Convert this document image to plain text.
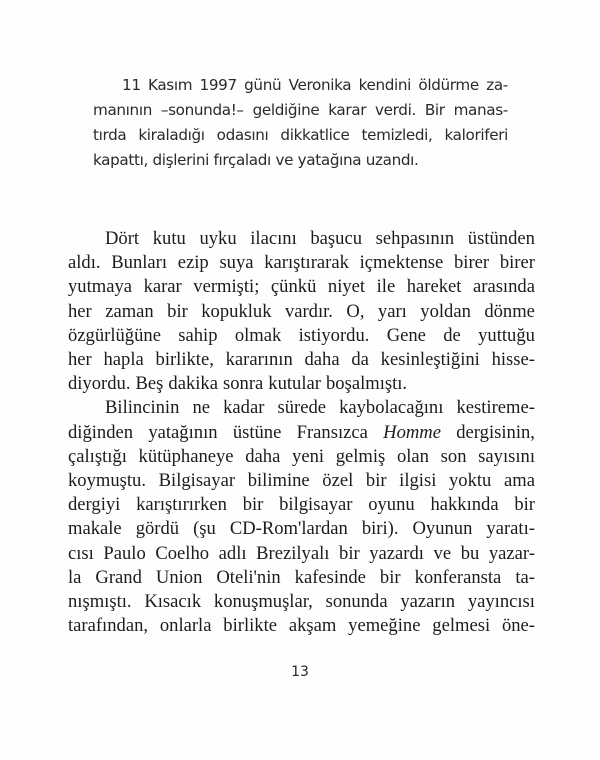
11 Kasım 1997 günü Veronika kendini öldürme za-
manının –sonunda!– geldiğine karar verdi. Bir manas-
tırda kiraladığı odasını dikkatlice temizledi, kaloriferi
kapattı, dişlerini fırçaladı ve yatağına uzandı.
Dört kutu uyku ilacını başucu sehpasının üstünden
aldı. Bunları ezip suya karıştırarak içmektense birer birer
yutmaya karar vermişti; çünkü niyet ile hareket arasında
her zaman bir kopukluk vardır. O, yarı yoldan dönme
özgürlüğüne sahip olmak istiyordu. Gene de yuttuğu
her hapla birlikte, kararının daha da kesinleştiğini hisse-
diyordu. Beş dakika sonra kutular boşalmıştı.
Bilincinin ne kadar sürede kaybolacağını kestireme-
diğinden yatağının üstüne Fransızca Homme dergisinin,
çalıştığı kütüphaneye daha yeni gelmiş olan son sayısını
koymuştu. Bilgisayar bilimine özel bir ilgisi yoktu ama
dergiyi karıştırırken bir bilgisayar oyunu hakkında bir
makale gördü (şu CD-Rom'lardan biri). Oyunun yaratı-
cısı Paulo Coelho adlı Brezilyalı bir yazardı ve bu yazar-
la Grand Union Oteli'nin kafesinde bir konferansta ta-
nışmıştı. Kısacık konuşmuşlar, sonunda yazarın yayıncısı
tarafından, onlarla birlikte akşam yemeğine gelmesi öne-
13
